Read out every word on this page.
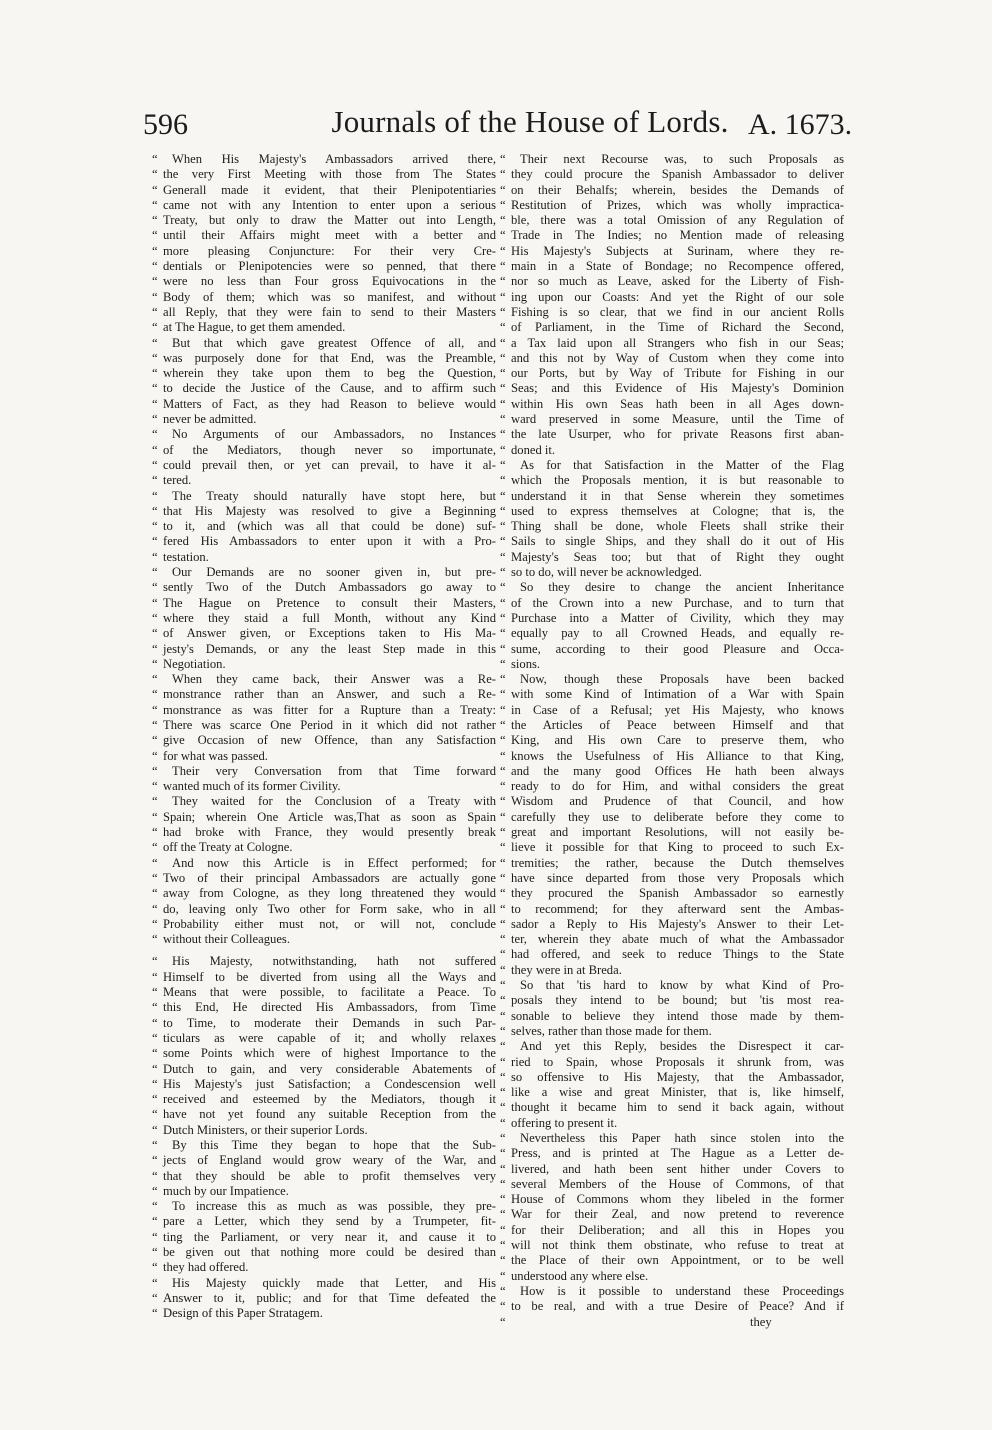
596	Journals of the House of Lords. A. 1673.
“ When His Majesty's Ambassadors arrived there,
“ the very First Meeting with those from The States
“ Generall made it evident, that their Plenipotentiaries
“ came not with any Intention to enter upon a serious
“ Treaty, but only to draw the Matter out into Length,
“ until their Affairs might meet with a better and
“ more pleasing Conjuncture: For their very Cre-
“ dentials or Plenipotencies were so penned, that there
“ were no less than Four gross Equivocations in the
“ Body of them; which was so manifest, and without
“ all Reply, that they were fain to send to their Masters
“ at The Hague, to get them amended.
“ But that which gave greatest Offence of all, and
“ was purposely done for that End, was the Preamble,
“ wherein they take upon them to beg the Question,
“ to decide the Justice of the Cause, and to affirm such
“ Matters of Fact, as they had Reason to believe would
“ never be admitted.
“ No Arguments of our Ambassadors, no Instances
“ of the Mediators, though never so importunate,
“ could prevail then, or yet can prevail, to have it al-
“ tered.
“ The Treaty should naturally have stopt here, but
“ that His Majesty was resolved to give a Beginning
“ to it, and (which was all that could be done) suf-
“ fered His Ambassadors to enter upon it with a Pro-
“ testation.
“ Our Demands are no sooner given in, but pre-
“ sently Two of the Dutch Ambassadors go away to
“ The Hague on Pretence to consult their Masters,
“ where they staid a full Month, without any Kind
“ of Answer given, or Exceptions taken to His Ma-
“ jesty's Demands, or any the least Step made in this
“ Negotiation.
“ When they came back, their Answer was a Re-
“ monstrance rather than an Answer, and such a Re-
“ monstrance as was fitter for a Rupture than a Treaty:
“ There was scarce One Period in it which did not rather
“ give Occasion of new Offence, than any Satisfaction
“ for what was passed.
“ Their very Conversation from that Time forward
“ wanted much of its former Civility.
“ They waited for the Conclusion of a Treaty with
“ Spain; wherein One Article was,That as soon as Spain
“ had broke with France, they would presently break
“ off the Treaty at Cologne.
“ And now this Article is in Effect performed; for
“ Two of their principal Ambassadors are actually gone
“ away from Cologne, as they long threatened they would
“ do, leaving only Two other for Form sake, who in all
“ Probability either must not, or will not, conclude
“ without their Colleagues.
“ His Majesty, notwithstanding, hath not suffered
“ Himself to be diverted from using all the Ways and
“ Means that were possible, to facilitate a Peace. To
“ this End, He directed His Ambassadors, from Time
“ to Time, to moderate their Demands in such Par-
“ ticulars as were capable of it; and wholly relaxes
“ some Points which were of highest Importance to the
“ Dutch to gain, and very considerable Abatements of
“ His Majesty's just Satisfaction; a Condescension well
“ received and esteemed by the Mediators, though it
“ have not yet found any suitable Reception from the
“ Dutch Ministers, or their superior Lords.
“ By this Time they began to hope that the Sub-
“ jects of England would grow weary of the War, and
“ that they should be able to profit themselves very
“ much by our Impatience.
“ To increase this as much as was possible, they pre-
“ pare a Letter, which they send by a Trumpeter, fit-
“ ting the Parliament, or very near it, and cause it to
“ be given out that nothing more could be desired than
“ they had offered.
“ His Majesty quickly made that Letter, and His
“ Answer to it, public; and for that Time defeated the
“ Design of this Paper Stratagem.
“ Their next Recourse was, to such Proposals as
“ they could procure the Spanish Ambassador to deliver
“ on their Behalfs; wherein, besides the Demands of
“ Restitution of Prizes, which was wholly impractica-
“ ble, there was a total Omission of any Regulation of
“ Trade in The Indies; no Mention made of releasing
“ His Majesty's Subjects at Surinam, where they re-
“ main in a State of Bondage; no Recompence offered,
“ nor so much as Leave, asked for the Liberty of Fish-
“ ing upon our Coasts: And yet the Right of our sole
“ Fishing is so clear, that we find in our ancient Rolls
“ of Parliament, in the Time of Richard the Second,
“ a Tax laid upon all Strangers who fish in our Seas;
“ and this not by Way of Custom when they come into
“ our Ports, but by Way of Tribute for Fishing in our
“ Seas; and this Evidence of His Majesty's Dominion
“ within His own Seas hath been in all Ages down-
“ ward preserved in some Measure, until the Time of
“ the late Usurper, who for private Reasons first aban-
“ doned it.
“ As for that Satisfaction in the Matter of the Flag
“ which the Proposals mention, it is but reasonable to
“ understand it in that Sense wherein they sometimes
“ used to express themselves at Cologne; that is, the
“ Thing shall be done, whole Fleets shall strike their
“ Sails to single Ships, and they shall do it out of His
“ Majesty's Seas too; but that of Right they ought
“ so to do, will never be acknowledged.
“ So they desire to change the ancient Inheritance
“ of the Crown into a new Purchase, and to turn that
“ Purchase into a Matter of Civility, which they may
“ equally pay to all Crowned Heads, and equally re-
“ sume, according to their good Pleasure and Occa-
“ sions.
“ Now, though these Proposals have been backed
“ with some Kind of Intimation of a War with Spain
“ in Case of a Refusal; yet His Majesty, who knows
“ the Articles of Peace between Himself and that
“ King, and His own Care to preserve them, who
“ knows the Usefulness of His Alliance to that King,
“ and the many good Offices He hath been always
“ ready to do for Him, and withal considers the great
“ Wisdom and Prudence of that Council, and how
“ carefully they use to deliberate before they come to
“ great and important Resolutions, will not easily be-
“ lieve it possible for that King to proceed to such Ex-
“ tremities; the rather, because the Dutch themselves
“ have since departed from those very Proposals which
“ they procured the Spanish Ambassador so earnestly
“ to recommend; for they afterward sent the Ambas-
“ sador a Reply to His Majesty's Answer to their Let-
“ ter, wherein they abate much of what the Ambassador
“ had offered, and seek to reduce Things to the State
“ they were in at Breda.
“ So that 'tis hard to know by what Kind of Pro-
“ posals they intend to be bound; but 'tis most rea-
“ sonable to believe they intend those made by them-
“ selves, rather than those made for them.
“ And yet this Reply, besides the Disrespect it car-
“ ried to Spain, whose Proposals it shrunk from, was
“ so offensive to His Majesty, that the Ambassador,
“ like a wise and great Minister, that is, like himself,
“ thought it became him to send it back again, without
“ offering to present it.
“ Nevertheless this Paper hath since stolen into the
“ Press, and is printed at The Hague as a Letter de-
“ livered, and hath been sent hither under Covers to
“ several Members of the House of Commons, of that
“ House of Commons whom they libeled in the former
“ War for their Zeal, and now pretend to reverence
“ for their Deliberation; and all this in Hopes you
“ will not think them obstinate, who refuse to treat at
“ the Place of their own Appointment, or to be well
“ understood any where else.
“ How is it possible to understand these Proceedings
“ to be real, and with a true Desire of Peace? And if
“ they
